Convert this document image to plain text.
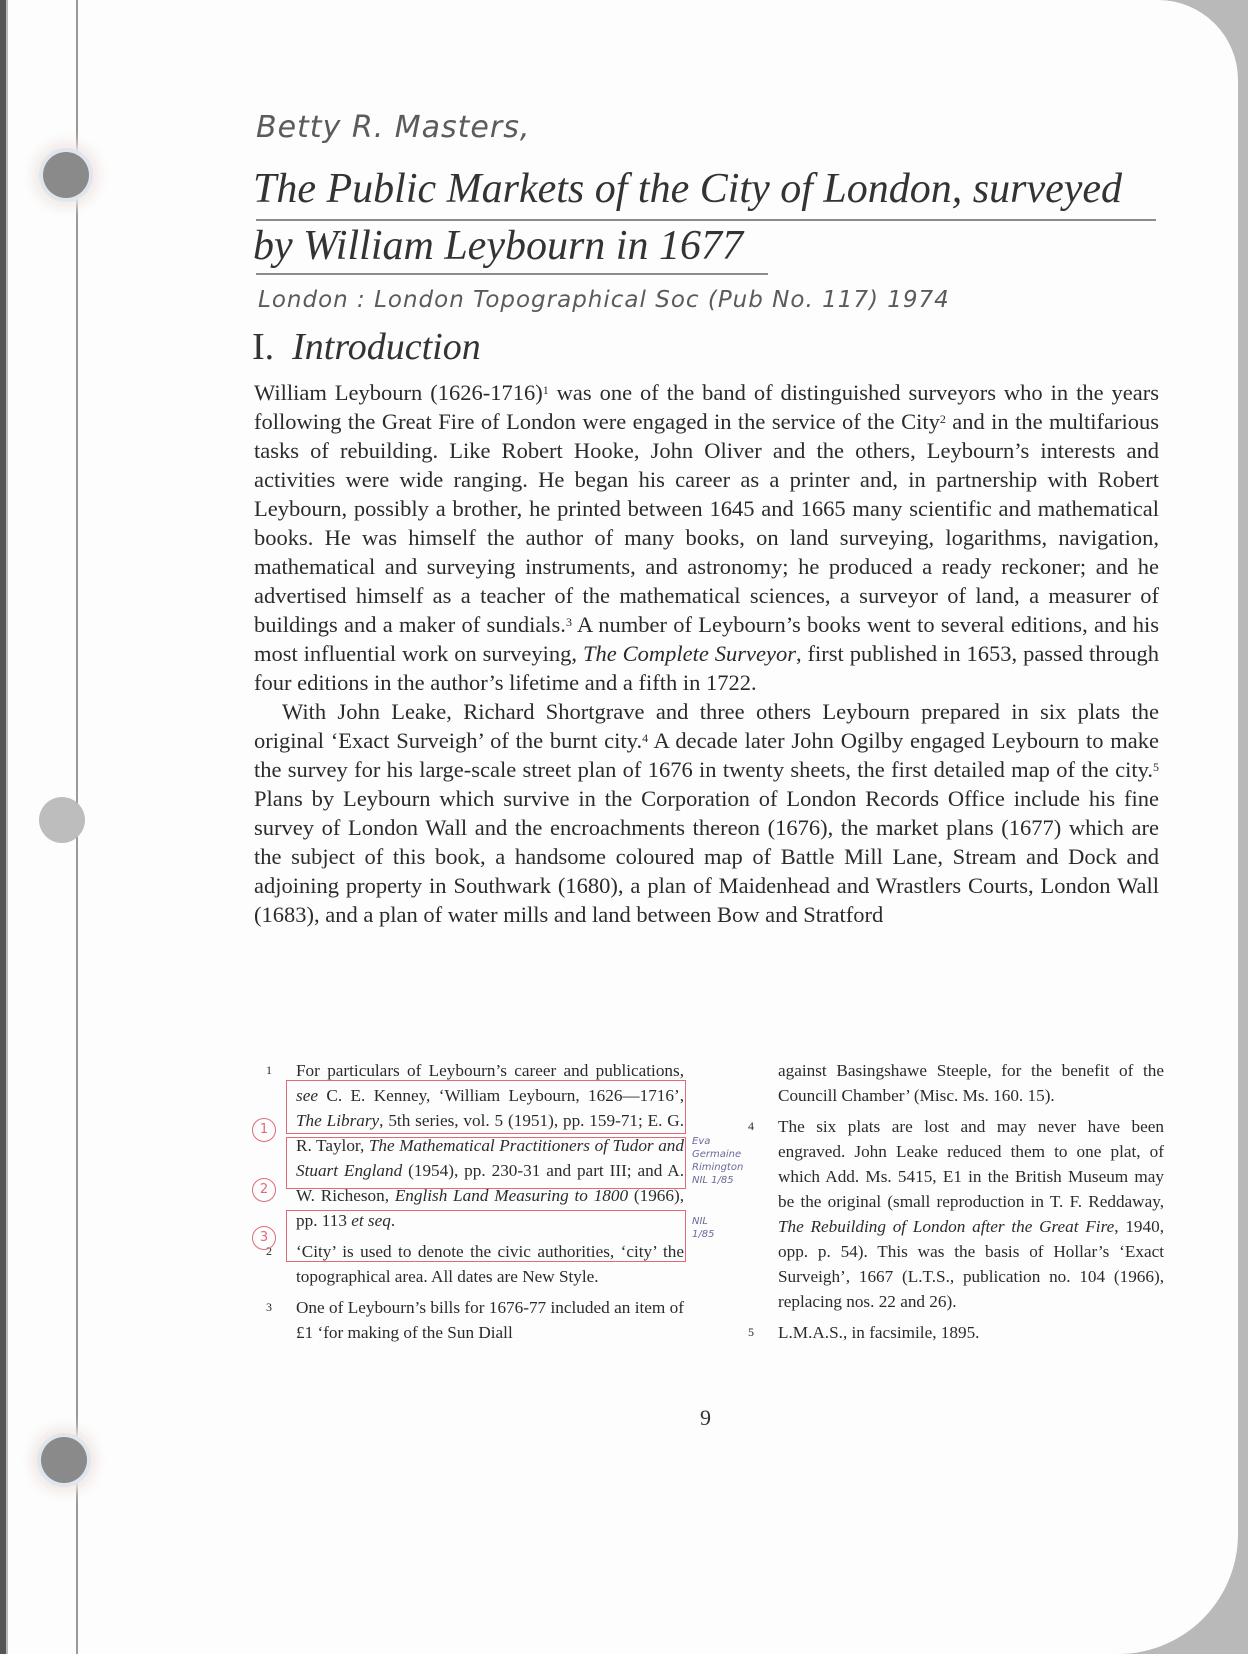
Betty R. Masters,
The Public Markets of the City of London, surveyed
by William Leybourn in 1677
London : London Topographical Soc (Pub No. 117) 1974
I. Introduction

William Leybourn (1626-1716)$^1$ was one of the band of distinguished surveyors who in the years following the Great Fire of London were engaged in the service of the City$^2$ and in the multifarious tasks of rebuilding. Like Robert Hooke, John Oliver and the others, Leybourn’s interests and activities were wide ranging. He began his career as a printer and, in partnership with Robert Leybourn, possibly a brother, he printed between 1645 and 1665 many scientific and mathematical books. He was himself the author of many books, on land surveying, logarithms, navigation, mathematical and surveying instruments, and astronomy; he produced a ready reckoner; and he advertised himself as a teacher of the mathematical sciences, a surveyor of land, a measurer of buildings and a maker of sundials.$^3$ A number of Leybourn’s books went to several editions, and his most influential work on surveying, The Complete Surveyor, first published in 1653, passed through four editions in the author’s lifetime and a fifth in 1722.

With John Leake, Richard Shortgrave and three others Leybourn prepared in six plats the original ‘Exact Surveigh’ of the burnt city.$^4$ A decade later John Ogilby engaged Leybourn to make the survey for his large-scale street plan of 1676 in twenty sheets, the first detailed map of the city.$^5$ Plans by Leybourn which survive in the Corporation of London Records Office include his fine survey of London Wall and the encroachments thereon (1676), the market plans (1677) which are the subject of this book, a handsome coloured map of Battle Mill Lane, Stream and Dock and adjoining property in Southwark (1680), a plan of Maidenhead and Wrastlers Courts, London Wall (1683), and a plan of water mills and land between Bow and Stratford

1 For particulars of Leybourn’s career and publications, see C. E. Kenney, ‘William Leybourn, 1626—1716’, The Library, 5th series, vol. 5 (1951), pp. 159-71; E. G. R. Taylor, The Mathematical Practitioners of Tudor and Stuart England (1954), pp. 230-31 and part III; and A. W. Richeson, English Land Measuring to 1800 (1966), pp. 113 et seq.
2 ‘City’ is used to denote the civic authorities, ‘city’ the topographical area. All dates are New Style.
3 One of Leybourn’s bills for 1676-77 included an item of £1 ‘for making of the Sun Diall
against Basingshawe Steeple, for the benefit of the Councill Chamber’ (Misc. Ms. 160. 15).
4 The six plats are lost and may never have been engraved. John Leake reduced them to one plat, of which Add. Ms. 5415, E1 in the British Museum may be the original (small reproduction in T. F. Reddaway, The Rebuilding of London after the Great Fire, 1940, opp. p. 54). This was the basis of Hollar’s ‘Exact Surveigh’, 1667 (L.T.S., publication no. 104 (1966), replacing nos. 22 and 26).
5 L.M.A.S., in facsimile, 1895.
1
2
3
Eva Germaine Rimington NIL 1/85
NIL 1/85
9
